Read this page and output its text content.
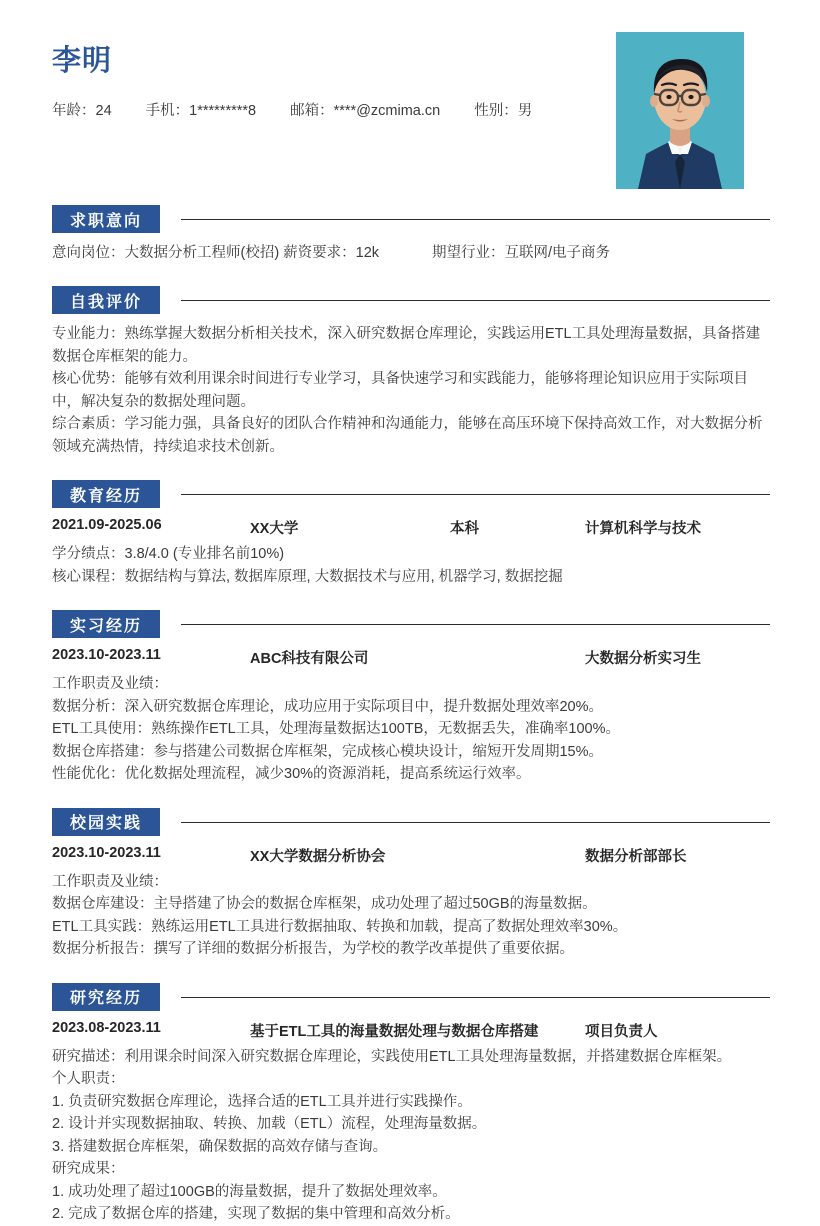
李明
年龄：24 手机：1*********8 邮箱：****@zcmima.cn 性别：男
求职意向
意向岗位：大数据分析工程师(校招) 薪资要求：12k	期望行业：互联网/电子商务
自我评价

专业能力：熟练掌握大数据分析相关技术，深入研究数据仓库理论，实践运用ETL工具处理海量数据，具备搭建数据仓库框架的能力。

核心优势：能够有效利用课余时间进行专业学习，具备快速学习和实践能力，能够将理论知识应用于实际项目中，解决复杂的数据处理问题。

综合素质：学习能力强，具备良好的团队合作精神和沟通能力，能够在高压环境下保持高效工作，对大数据分析领域充满热情，持续追求技术创新。

教育经历
2021.09-2025.06	XX大学	本科	计算机科学与技术

学分绩点：3.8/4.0 (专业排名前10%)

核心课程：数据结构与算法, 数据库原理, 大数据技术与应用, 机器学习, 数据挖掘

实习经历
2023.10-2023.11	ABC科技有限公司	大数据分析实习生

工作职责及业绩：

数据分析：深入研究数据仓库理论，成功应用于实际项目中，提升数据处理效率20%。

ETL工具使用：熟练操作ETL工具，处理海量数据达100TB，无数据丢失，准确率100%。

数据仓库搭建：参与搭建公司数据仓库框架，完成核心模块设计，缩短开发周期15%。

性能优化：优化数据处理流程，减少30%的资源消耗，提高系统运行效率。

校园实践
2023.10-2023.11	XX大学数据分析协会	数据分析部部长

工作职责及业绩：

数据仓库建设：主导搭建了协会的数据仓库框架，成功处理了超过50GB的海量数据。

ETL工具实践：熟练运用ETL工具进行数据抽取、转换和加载，提高了数据处理效率30%。

数据分析报告：撰写了详细的数据分析报告，为学校的教学改革提供了重要依据。

研究经历
2023.08-2023.11	基于ETL工具的海量数据处理与数据仓库搭建	项目负责人

研究描述：利用课余时间深入研究数据仓库理论，实践使用ETL工具处理海量数据，并搭建数据仓库框架。

个人职责：

1. 负责研究数据仓库理论，选择合适的ETL工具并进行实践操作。

2. 设计并实现数据抽取、转换、加载（ETL）流程，处理海量数据。

3. 搭建数据仓库框架，确保数据的高效存储与查询。

研究成果：

1. 成功处理了超过100GB的海量数据，提升了数据处理效率。

2. 完成了数据仓库的搭建，实现了数据的集中管理和高效分析。
